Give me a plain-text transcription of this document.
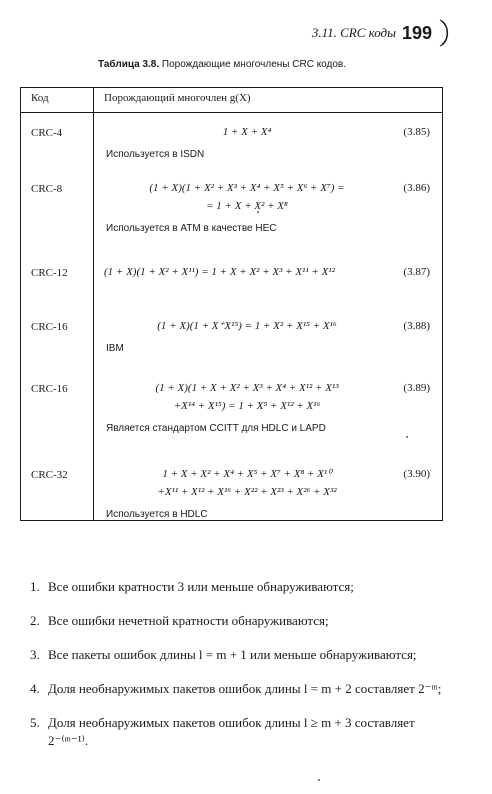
3.11. CRC коды 199
Таблица 3.8. Порождающие многочлены CRC кодов.
Код	Порождающий многочлен g(X)
CRC-4	1 + X + X⁴ (3.85)
Используется в ISDN

CRC-8	(1 + X)(1 + X² + X³ + X⁴ + X⁵ + X⁶ + X⁷) =
= 1 + X + X² + X⁸
(3.86)
Используется в ATM в качестве HEC

CRC-12	(1 + X)(1 + X² + X¹¹) = 1 + X + X² + X³ + X¹¹ + X¹² (3.87)

CRC-16	(1 + X)(1 + X⁺X¹⁵) = 1 + X² + X¹⁵ + X¹⁶ (3.88)
IBM

CRC-16	(1 + X)(1 + X + X² + X³ + X⁴ + X¹² + X¹³
+X¹⁴ + X¹⁵) = 1 + X⁵ + X¹² + X¹⁶
(3.89)
Является стандартом CCITT для HDLC и LAPD

CRC-32	1 + X + X² + X⁴ + X⁵ + X⁷ + X⁸ + X¹⁰
+X¹¹ + X¹² + X¹⁶ + X²² + X²³ + X²⁶ + X³²
(3.90)
Используется в HDLC
1. Все ошибки кратности 3 или меньше обнаруживаются;
2. Все ошибки нечетной кратности обнаруживаются;
3. Все пакеты ошибок длины l = m + 1 или меньше обнаруживаются;
4. Доля необнаружимых пакетов ошибок длины l = m + 2 составляет 2⁻ᵐ;
5. Доля необнаружимых пакетов ошибок длины l ≥ m + 3 составляет 2⁻⁽ᵐ⁻¹⁾.
